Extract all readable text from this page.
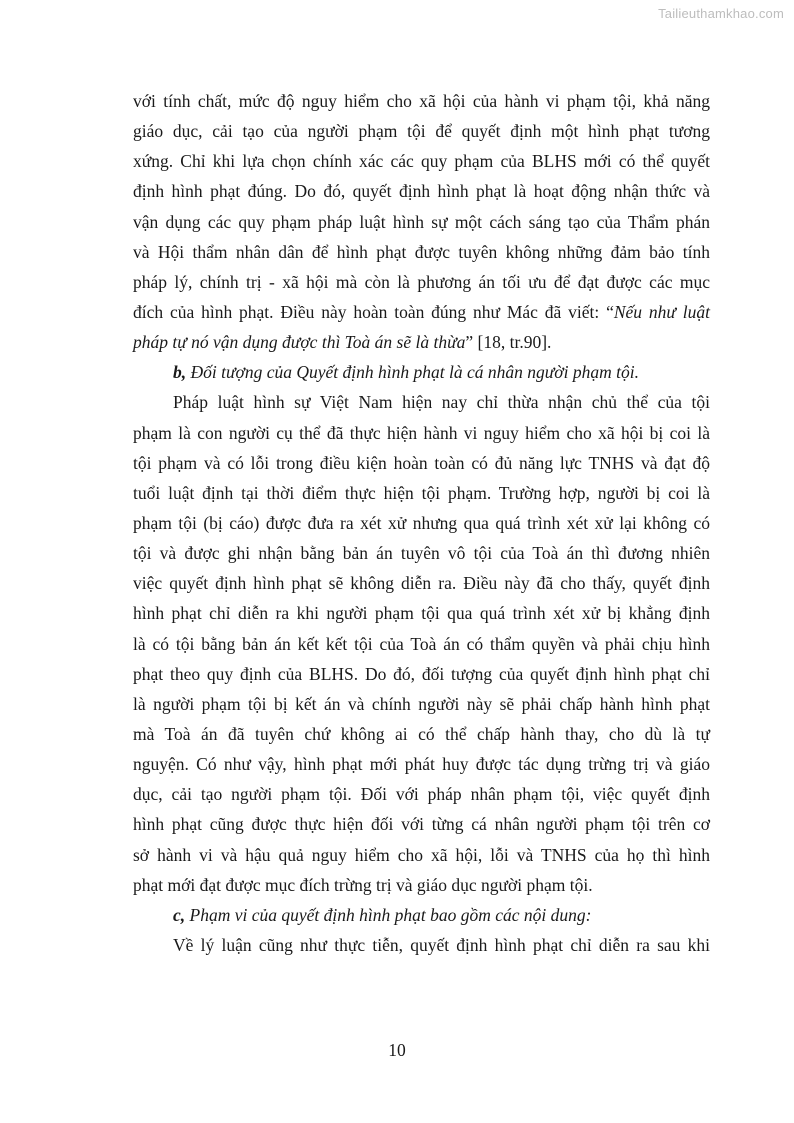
Tailieuthamkhao.com
với tính chất, mức độ nguy hiểm cho xã hội của hành vi phạm tội, khả năng
giáo dục, cải tạo của người phạm tội để quyết định một hình phạt tương
xứng. Chỉ khi lựa chọn chính xác các quy phạm của BLHS mới có thể quyết
định hình phạt đúng. Do đó, quyết định hình phạt là hoạt động nhận thức và
vận dụng các quy phạm pháp luật hình sự một cách sáng tạo của Thẩm phán
và Hội thẩm nhân dân để hình phạt được tuyên không những đảm bảo tính
pháp lý, chính trị - xã hội mà còn là phương án tối ưu để đạt được các mục
đích của hình phạt. Điều này hoàn toàn đúng như Mác đã viết: “Nếu như luật
pháp tự nó vận dụng được thì Toà án sẽ là thừa” [18, tr.90].
b, Đối tượng của Quyết định hình phạt là cá nhân người phạm tội.
Pháp luật hình sự Việt Nam hiện nay chỉ thừa nhận chủ thể của tội
phạm là con người cụ thể đã thực hiện hành vi nguy hiểm cho xã hội bị coi là
tội phạm và có lỗi trong điều kiện hoàn toàn có đủ năng lực TNHS và đạt độ
tuổi luật định tại thời điểm thực hiện tội phạm. Trường hợp, người bị coi là
phạm tội (bị cáo) được đưa ra xét xử nhưng qua quá trình xét xử lại không có
tội và được ghi nhận bằng bản án tuyên vô tội của Toà án thì đương nhiên
việc quyết định hình phạt sẽ không diễn ra. Điều này đã cho thấy, quyết định
hình phạt chỉ diễn ra khi người phạm tội qua quá trình xét xử bị khẳng định
là có tội bằng bản án kết kết tội của Toà án có thẩm quyền và phải chịu hình
phạt theo quy định của BLHS. Do đó, đối tượng của quyết định hình phạt chỉ
là người phạm tội bị kết án và chính người này sẽ phải chấp hành hình phạt
mà Toà án đã tuyên chứ không ai có thể chấp hành thay, cho dù là tự
nguyện. Có như vậy, hình phạt mới phát huy được tác dụng trừng trị và giáo
dục, cải tạo người phạm tội. Đối với pháp nhân phạm tội, việc quyết định
hình phạt cũng được thực hiện đối với từng cá nhân người phạm tội trên cơ
sở hành vi và hậu quả nguy hiểm cho xã hội, lỗi và TNHS của họ thì hình
phạt mới đạt được mục đích trừng trị và giáo dục người phạm tội.
c, Phạm vi của quyết định hình phạt bao gồm các nội dung:
Về lý luận cũng như thực tiễn, quyết định hình phạt chỉ diễn ra sau khi
10
